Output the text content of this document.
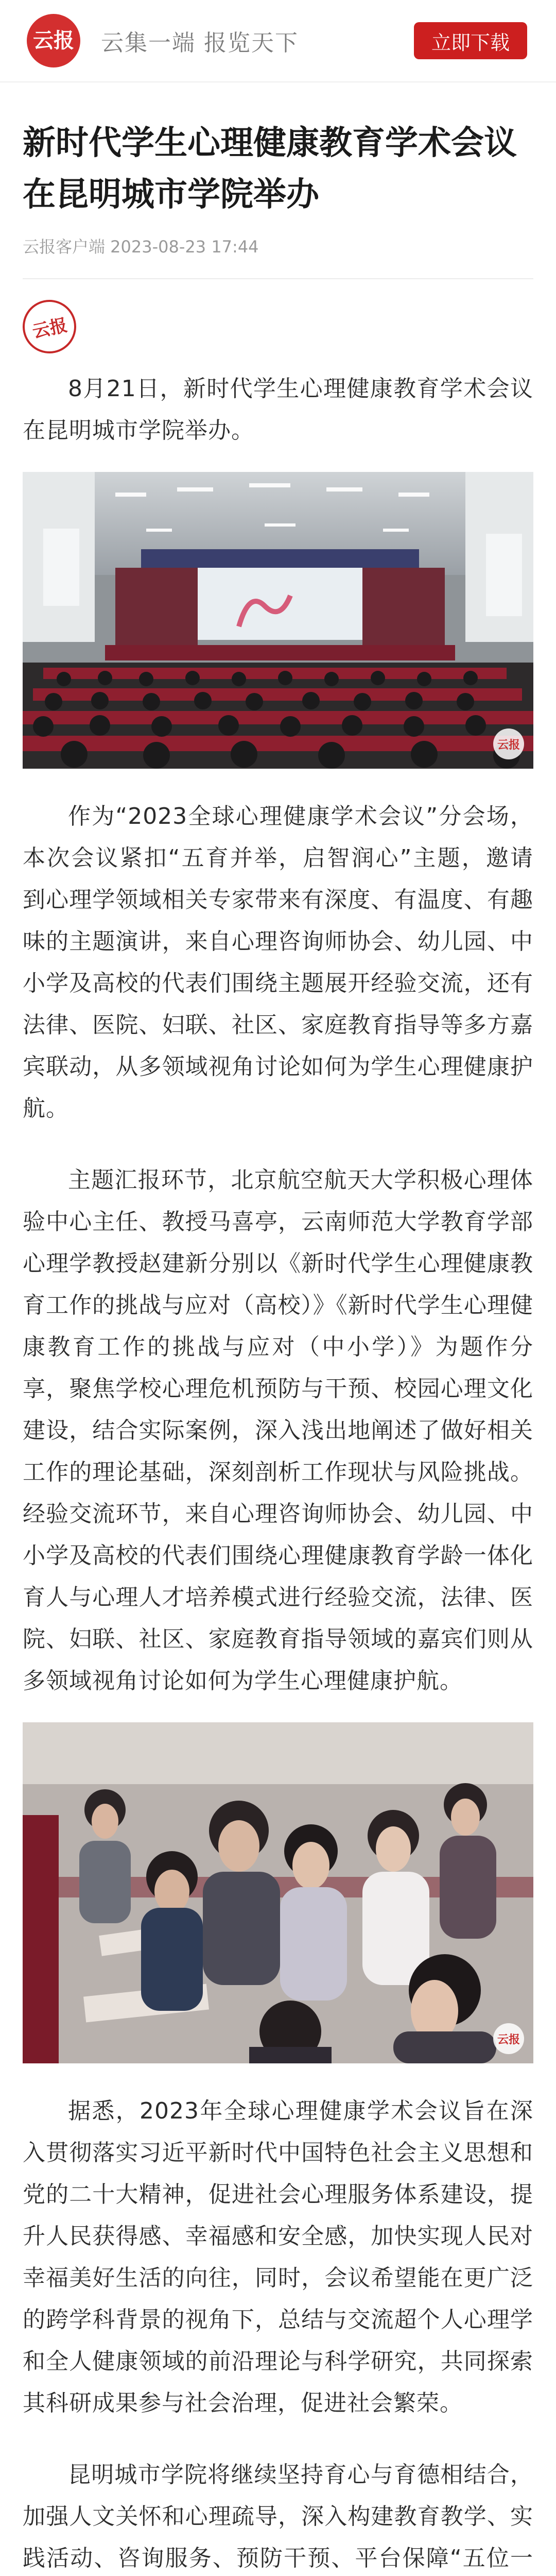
云报 云集一端 报览天下	立即下载
新时代学生心理健康教育学术会议在昆明城市学院举办
云报客户端 2023-08-23 17:44
云报

8月21日，新时代学生心理健康教育学术会议在昆明城市学院举办。

云报

作为“2023全球心理健康学术会议”分会场，本次会议紧扣“五育并举，启智润心”主题，邀请到心理学领域相关专家带来有深度、有温度、有趣味的主题演讲，来自心理咨询师协会、幼儿园、中小学及高校的代表们围绕主题展开经验交流，还有法律、医院、妇联、社区、家庭教育指导等多方嘉宾联动，从多领域视角讨论如何为学生心理健康护航。

主题汇报环节，北京航空航天大学积极心理体验中心主任、教授马喜亭，云南师范大学教育学部心理学教授赵建新分别以《新时代学生心理健康教育工作的挑战与应对（高校）》《新时代学生心理健康教育工作的挑战与应对（中小学）》为题作分享，聚焦学校心理危机预防与干预、校园心理文化建设，结合实际案例，深入浅出地阐述了做好相关工作的理论基础，深刻剖析工作现状与风险挑战。经验交流环节，来自心理咨询师协会、幼儿园、中小学及高校的代表们围绕心理健康教育学龄一体化育人与心理人才培养模式进行经验交流，法律、医院、妇联、社区、家庭教育指导领域的嘉宾们则从多领域视角讨论如何为学生心理健康护航。

云报

据悉，2023年全球心理健康学术会议旨在深入贯彻落实习近平新时代中国特色社会主义思想和党的二十大精神，促进社会心理服务体系建设，提升人民获得感、幸福感和安全感，加快实现人民对幸福美好生活的向往，同时，会议希望能在更广泛的跨学科背景的视角下，总结与交流超个人心理学和全人健康领域的前沿理论与科学研究，共同探索其科研成果参与社会治理，促进社会繁荣。

昆明城市学院将继续坚持育心与育德相结合，加强人文关怀和心理疏导，深入构建教育教学、实践活动、咨询服务、预防干预、平台保障“五位一
